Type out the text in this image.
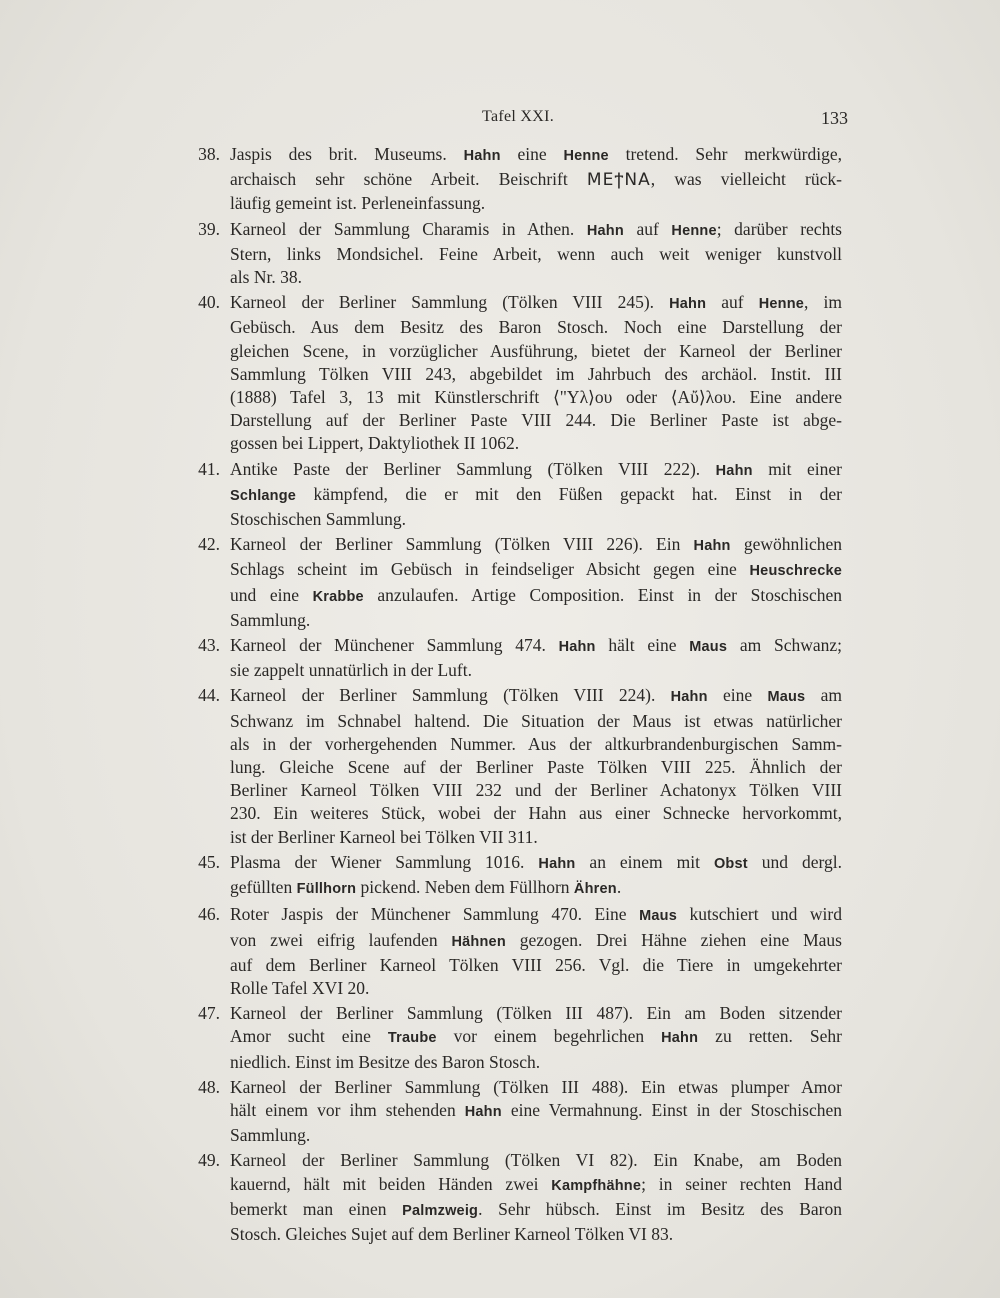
Tafel XXI.	133
38. Jaspis des brit. Museums. Hahn eine Henne tretend. Sehr merkwürdige,
archaisch sehr schöne Arbeit. Beischrift ΜΕϯΝΑ, was vielleicht rück-
läufig gemeint ist. Perleneinfassung.
39. Karneol der Sammlung Charamis in Athen. Hahn auf Henne; darüber rechts
Stern, links Mondsichel. Feine Arbeit, wenn auch weit weniger kunstvoll
als Nr. 38.
40. Karneol der Berliner Sammlung (Tölken VIII 245). Hahn auf Henne, im
Gebüsch. Aus dem Besitz des Baron Stosch. Noch eine Darstellung der
gleichen Scene, in vorzüglicher Ausführung, bietet der Karneol der Berliner
Sammlung Tölken VIII 243, abgebildet im Jahrbuch des archäol. Instit. III
(1888) Tafel 3, 13 mit Künstlerschrift ⟨"Yλ⟩ου oder ⟨Aὔ⟩λου. Eine andere
Darstellung auf der Berliner Paste VIII 244. Die Berliner Paste ist abge-
gossen bei Lippert, Daktyliothek II 1062.
41. Antike Paste der Berliner Sammlung (Tölken VIII 222). Hahn mit einer
Schlange kämpfend, die er mit den Füßen gepackt hat. Einst in der
Stoschischen Sammlung.
42. Karneol der Berliner Sammlung (Tölken VIII 226). Ein Hahn gewöhnlichen
Schlags scheint im Gebüsch in feindseliger Absicht gegen eine Heuschrecke
und eine Krabbe anzulaufen. Artige Composition. Einst in der Stoschischen
Sammlung.
43. Karneol der Münchener Sammlung 474. Hahn hält eine Maus am Schwanz;
sie zappelt unnatürlich in der Luft.
44. Karneol der Berliner Sammlung (Tölken VIII 224). Hahn eine Maus am
Schwanz im Schnabel haltend. Die Situation der Maus ist etwas natürlicher
als in der vorhergehenden Nummer. Aus der altkurbrandenburgischen Samm-
lung. Gleiche Scene auf der Berliner Paste Tölken VIII 225. Ähnlich der
Berliner Karneol Tölken VIII 232 und der Berliner Achatonyx Tölken VIII
230. Ein weiteres Stück, wobei der Hahn aus einer Schnecke hervorkommt,
ist der Berliner Karneol bei Tölken VII 311.
45. Plasma der Wiener Sammlung 1016. Hahn an einem mit Obst und dergl.
gefüllten Füllhorn pickend. Neben dem Füllhorn Ähren.
46. Roter Jaspis der Münchener Sammlung 470. Eine Maus kutschiert und wird
von zwei eifrig laufenden Hähnen gezogen. Drei Hähne ziehen eine Maus
auf dem Berliner Karneol Tölken VIII 256. Vgl. die Tiere in umgekehrter
Rolle Tafel XVI 20.
47. Karneol der Berliner Sammlung (Tölken III 487). Ein am Boden sitzender
Amor sucht eine Traube vor einem begehrlichen Hahn zu retten. Sehr
niedlich. Einst im Besitze des Baron Stosch.
48. Karneol der Berliner Sammlung (Tölken III 488). Ein etwas plumper Amor
hält einem vor ihm stehenden Hahn eine Vermahnung. Einst in der Stoschischen
Sammlung.
49. Karneol der Berliner Sammlung (Tölken VI 82). Ein Knabe, am Boden
kauernd, hält mit beiden Händen zwei Kampfhähne; in seiner rechten Hand
bemerkt man einen Palmzweig. Sehr hübsch. Einst im Besitz des Baron
Stosch. Gleiches Sujet auf dem Berliner Karneol Tölken VI 83.
